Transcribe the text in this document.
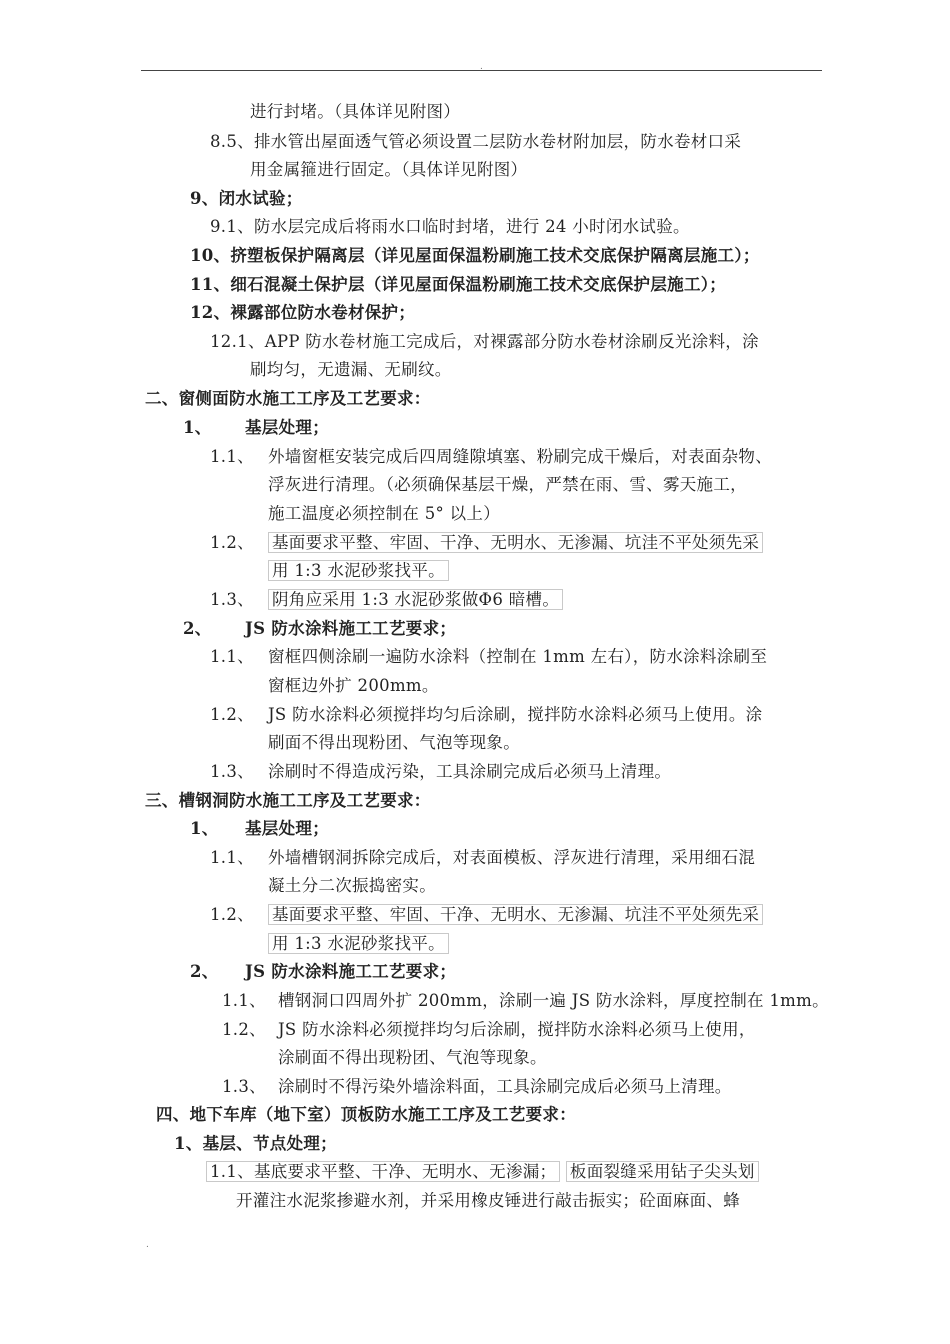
.
进行封堵。（具体详见附图）
8.5、排水管出屋面透气管必须设置二层防水卷材附加层，防水卷材口采
用金属箍进行固定。（具体详见附图）
9、闭水试验；
9.1、防水层完成后将雨水口临时封堵，进行 24 小时闭水试验。
10、挤塑板保护隔离层（详见屋面保温粉刷施工技术交底保护隔离层施工）；
11、细石混凝土保护层（详见屋面保温粉刷施工技术交底保护层施工）；
12、裸露部位防水卷材保护；
12.1、APP 防水卷材施工完成后，对裸露部分防水卷材涂刷反光涂料，涂
刷均匀，无遗漏、无刷纹。
二、窗侧面防水施工工序及工艺要求：
1、 基层处理；
1.1、 外墙窗框安装完成后四周缝隙填塞、粉刷完成干燥后，对表面杂物、
浮灰进行清理。（必须确保基层干燥，严禁在雨、雪、雾天施工，
施工温度必须控制在 5° 以上）
1.2、 基面要求平整、牢固、干净、无明水、无渗漏、坑洼不平处须先采
用 1:3 水泥砂浆找平。
1.3、 阴角应采用 1:3 水泥砂浆做Φ6 暗槽。
2、 JS 防水涂料施工工艺要求；
1.1、 窗框四侧涂刷一遍防水涂料（控制在 1mm 左右），防水涂料涂刷至
窗框边外扩 200mm。
1.2、 JS 防水涂料必须搅拌均匀后涂刷，搅拌防水涂料必须马上使用。涂
刷面不得出现粉团、气泡等现象。
1.3、 涂刷时不得造成污染，工具涂刷完成后必须马上清理。
三、槽钢洞防水施工工序及工艺要求：
1、 基层处理；
1.1、 外墙槽钢洞拆除完成后，对表面模板、浮灰进行清理，采用细石混
凝土分二次振捣密实。
1.2、 基面要求平整、牢固、干净、无明水、无渗漏、坑洼不平处须先采
用 1:3 水泥砂浆找平。
2、 JS 防水涂料施工工艺要求；
1.1、 槽钢洞口四周外扩 200mm，涂刷一遍 JS 防水涂料，厚度控制在 1mm。
1.2、 JS 防水涂料必须搅拌均匀后涂刷，搅拌防水涂料必须马上使用，
涂刷面不得出现粉团、气泡等现象。
1.3、 涂刷时不得污染外墙涂料面，工具涂刷完成后必须马上清理。
四、地下车库（地下室）顶板防水施工工序及工艺要求：
1、基层、节点处理；
1.1、基底要求平整、干净、无明水、无渗漏； 板面裂缝采用钻子尖头划
开灌注水泥浆掺避水剂，并采用橡皮锤进行敲击振实；砼面麻面、蜂
.
